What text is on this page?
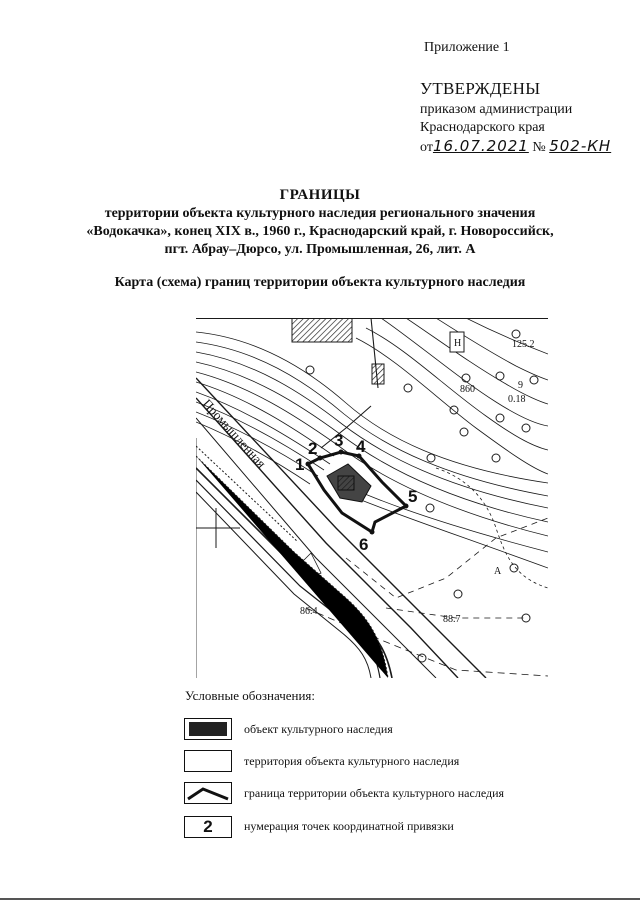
Приложение 1
УТВЕРЖДЕНЫ
приказом администрации
Краснодарского края
от16.07.2021 № 502-КН
ГРАНИЦЫ
территории объекта культурного наследия регионального значения
«Водокачка», конец XIX в., 1960 г., Краснодарский край, г. Новороссийск,
пгт. Абрау–Дюрсо, ул. Промышленная, 26, лит. А
Карта (схема) границ территории объекта культурного наследия
1
2 3 4
5
6
86.4
88.7
125.2
0.18
Н
А
860	9
Промышленная
Условные обозначения:
объект культурного наследия
территория объекта культурного наследия
граница территории объекта культурного наследия
2	нумерация точек координатной привязки
